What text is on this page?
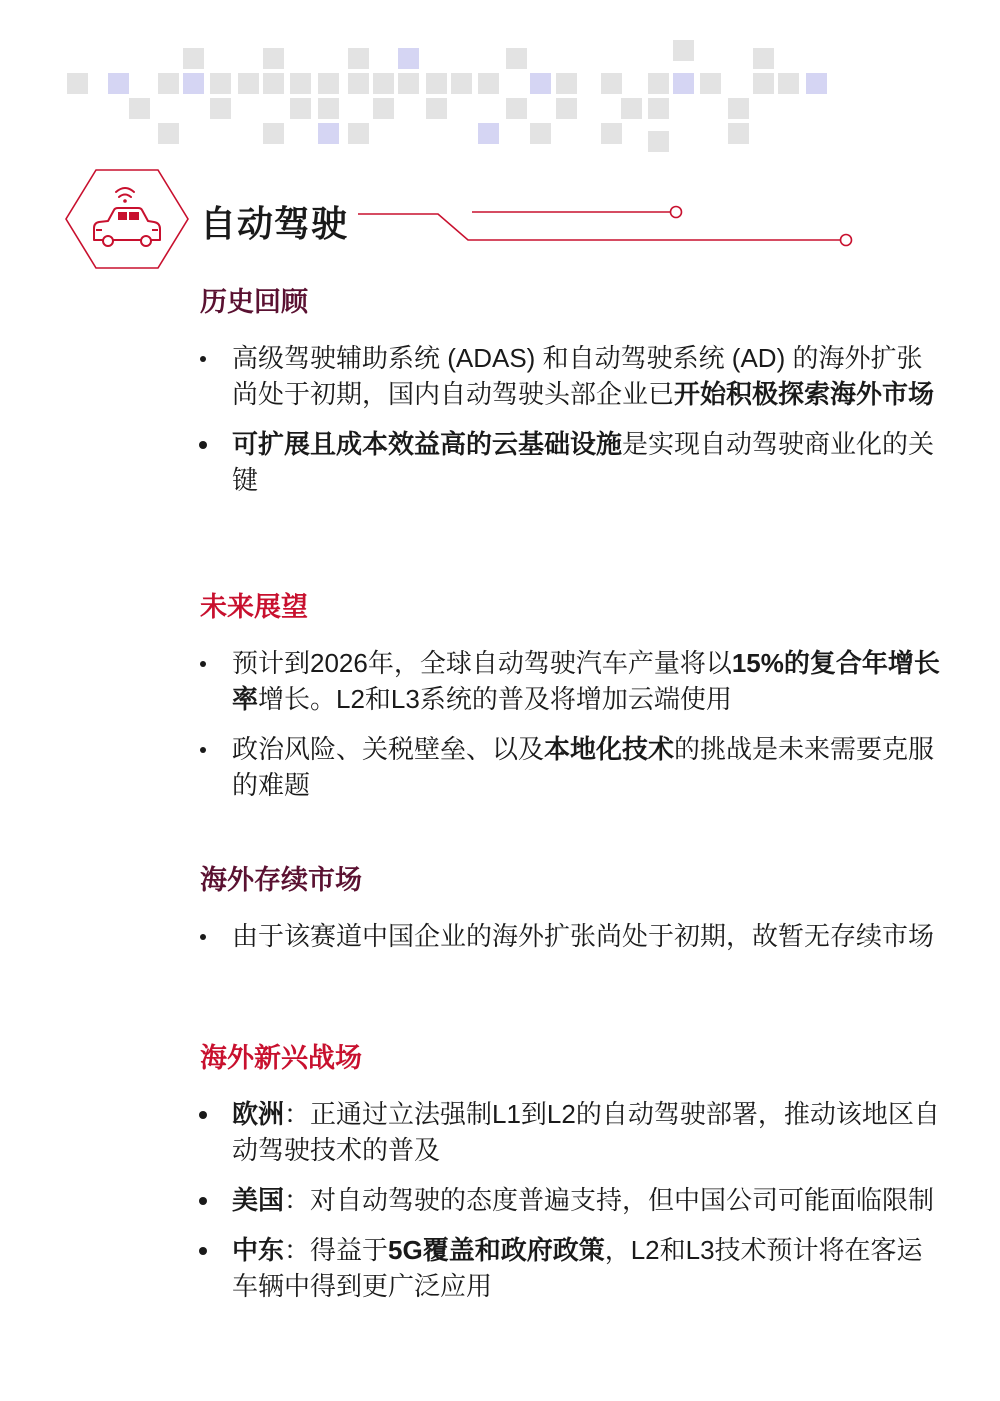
自动驾驶
历史回顾
高级驾驶辅助系统 (ADAS) 和自动驾驶系统 (AD) 的海外扩张尚处于初期，国内自动驾驶头部企业已开始积极探索海外市场
可扩展且成本效益高的云基础设施是实现自动驾驶商业化的关键
未来展望
预计到2026年，全球自动驾驶汽车产量将以15%的复合年增长率增长。L2和L3系统的普及将增加云端使用
政治风险、关税壁垒、以及本地化技术的挑战是未来需要克服的难题
海外存续市场
由于该赛道中国企业的海外扩张尚处于初期，故暂无存续市场
海外新兴战场
欧洲：正通过立法强制L1到L2的自动驾驶部署，推动该地区自动驾驶技术的普及
美国：对自动驾驶的态度普遍支持，但中国公司可能面临限制
中东：得益于5G覆盖和政府政策，L2和L3技术预计将在客运车辆中得到更广泛应用
